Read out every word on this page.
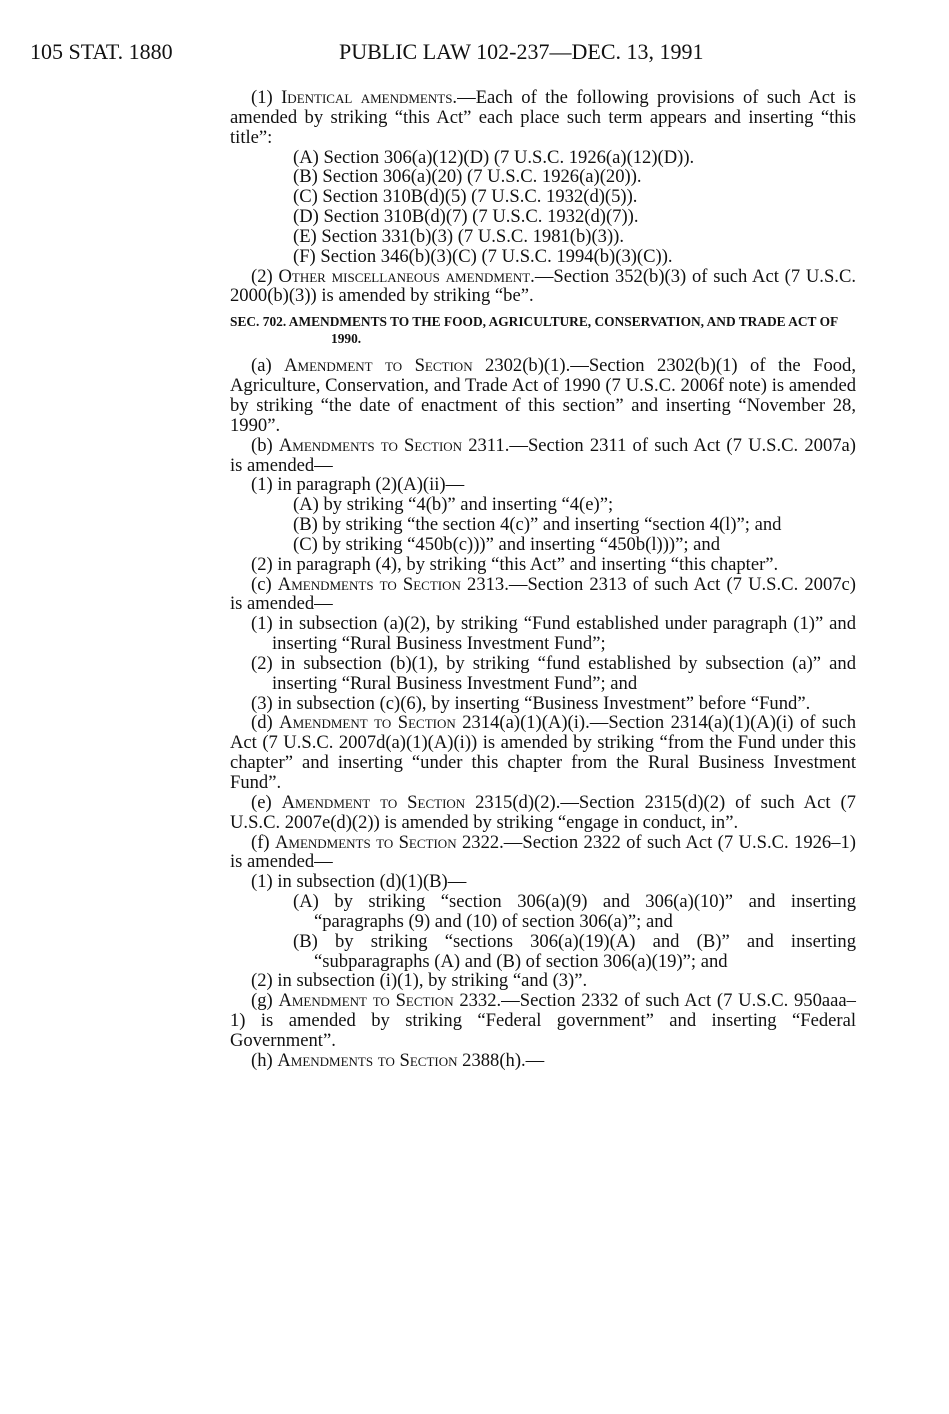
105 STAT. 1880	PUBLIC LAW 102-237—DEC. 13, 1991

(1) Identical amendments.—Each of the following provisions of such Act is amended by striking “this Act” each place such term appears and inserting “this title”:

(A) Section 306(a)(12)(D) (7 U.S.C. 1926(a)(12)(D)).

(B) Section 306(a)(20) (7 U.S.C. 1926(a)(20)).

(C) Section 310B(d)(5) (7 U.S.C. 1932(d)(5)).

(D) Section 310B(d)(7) (7 U.S.C. 1932(d)(7)).

(E) Section 331(b)(3) (7 U.S.C. 1981(b)(3)).

(F) Section 346(b)(3)(C) (7 U.S.C. 1994(b)(3)(C)).

(2) Other miscellaneous amendment.—Section 352(b)(3) of such Act (7 U.S.C. 2000(b)(3)) is amended by striking “be”.

SEC. 702. AMENDMENTS TO THE FOOD, AGRICULTURE, CONSERVATION, AND TRADE ACT OF 1990.

(a) Amendment to Section 2302(b)(1).—Section 2302(b)(1) of the Food, Agriculture, Conservation, and Trade Act of 1990 (7 U.S.C. 2006f note) is amended by striking “the date of enactment of this section” and inserting “November 28, 1990”.

(b) Amendments to Section 2311.—Section 2311 of such Act (7 U.S.C. 2007a) is amended—

(1) in paragraph (2)(A)(ii)—

(A) by striking “4(b)” and inserting “4(e)”;

(B) by striking “the section 4(c)” and inserting “section 4(l)”; and

(C) by striking “450b(c)))” and inserting “450b(l)))”; and

(2) in paragraph (4), by striking “this Act” and inserting “this chapter”.

(c) Amendments to Section 2313.—Section 2313 of such Act (7 U.S.C. 2007c) is amended—

(1) in subsection (a)(2), by striking “Fund established under paragraph (1)” and inserting “Rural Business Investment Fund”;

(2) in subsection (b)(1), by striking “fund established by subsection (a)” and inserting “Rural Business Investment Fund”; and

(3) in subsection (c)(6), by inserting “Business Investment” before “Fund”.

(d) Amendment to Section 2314(a)(1)(A)(i).—Section 2314(a)(1)(A)(i) of such Act (7 U.S.C. 2007d(a)(1)(A)(i)) is amended by striking “from the Fund under this chapter” and inserting “under this chapter from the Rural Business Investment Fund”.

(e) Amendment to Section 2315(d)(2).—Section 2315(d)(2) of such Act (7 U.S.C. 2007e(d)(2)) is amended by striking “engage in conduct, in”.

(f) Amendments to Section 2322.—Section 2322 of such Act (7 U.S.C. 1926–1) is amended—

(1) in subsection (d)(1)(B)—

(A) by striking “section 306(a)(9) and 306(a)(10)” and inserting “paragraphs (9) and (10) of section 306(a)”; and

(B) by striking “sections 306(a)(19)(A) and (B)” and inserting “subparagraphs (A) and (B) of section 306(a)(19)”; and

(2) in subsection (i)(1), by striking “and (3)”.

(g) Amendment to Section 2332.—Section 2332 of such Act (7 U.S.C. 950aaa–1) is amended by striking “Federal government” and inserting “Federal Government”.

(h) Amendments to Section 2388(h).—
